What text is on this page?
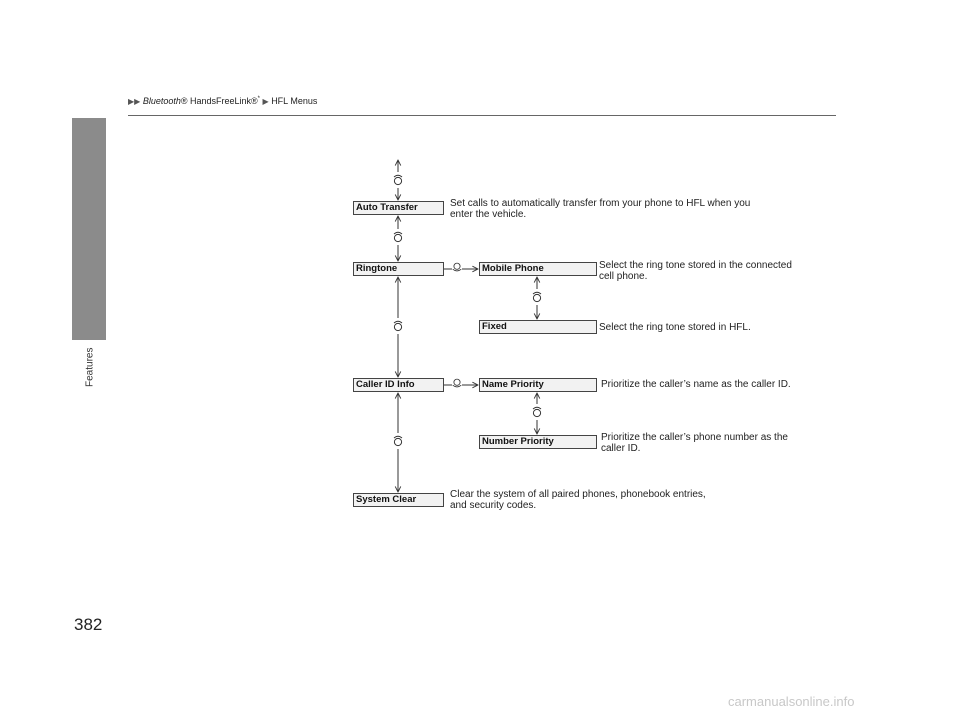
Features
▶▶ Bluetooth® HandsFreeLink®* ▶ HFL Menus
Auto Transfer
Ringtone	Mobile Phone
Fixed
Caller ID Info	Name Priority
Number Priority
System Clear
Set calls to automatically transfer from your phone to HFL when you
enter the vehicle.
Select the ring tone stored in the connected
cell phone.
Select the ring tone stored in HFL.
Prioritize the caller’s name as the caller ID.
Prioritize the caller’s phone number as the
caller ID.
Clear the system of all paired phones, phonebook entries,
and security codes.
382
carmanualsonline.info
